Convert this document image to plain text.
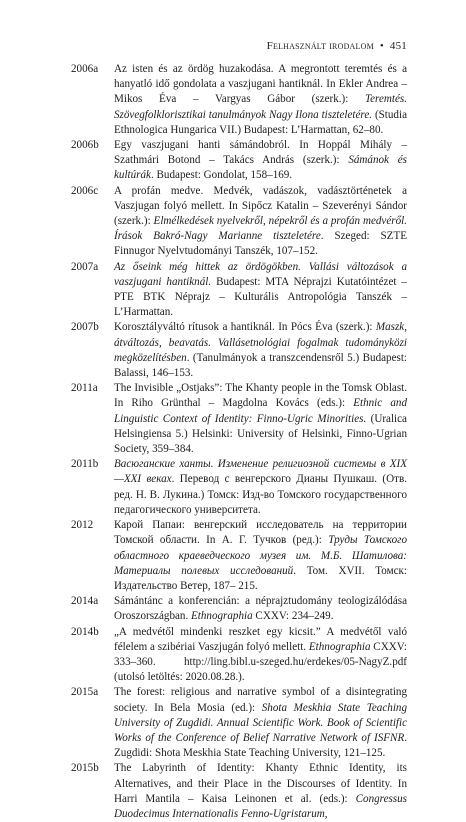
Felhasznált irodalom • 451
2006a	Az isten és az ördög huzakodása. A megrontott teremtés és a hanyatló idő gondolata a vaszjugani hantiknál. In Ekler Andrea – Mikos Éva – Vargyas Gábor (szerk.): Teremtés. Szövegfolklorisztikai tanulmányok Nagy Ilona tiszteletére. (Studia Ethnologica Hungarica VII.) Budapest: L’Harmattan, 62–80.
2006b	Egy vaszjugani hanti sámándobról. In Hoppál Mihály – Szathmári Botond – Takács András (szerk.): Sámánok és kultúrák. Budapest: Gondolat, 158–169.
2006c	A profán medve. Medvék, vadászok, vadásztörténetek a Vaszjugan folyó mellett. In Sipőcz Katalin – Szeverényi Sándor (szerk.): Elmélkedések nyelvekről, népekről és a profán medvéről. Írások Bakró-Nagy Marianne tiszteletére. Szeged: SZTE Finnugor Nyelvtudományi Tanszék, 107–152.
2007a	Az őseink még hittek az ördögökben. Vallási változások a vaszjugani hantiknál. Budapest: MTA Néprajzi Kutatóintézet – PTE BTK Néprajz – Kulturális Antropológia Tanszék – L’Harmattan.
2007b	Korosztályváltó rítusok a hantiknál. In Pócs Éva (szerk.): Maszk, átváltozás, beavatás. Vallásetnológiai fogalmak tudományközi megközelítésben. (Tanulmányok a transzcendensről 5.) Budapest: Balassi, 146–153.
2011a	The Invisible „Ostjaks”: The Khanty people in the Tomsk Oblast. In Riho Grünthal – Magdolna Kovács (eds.): Ethnic and Linguistic Context of Identity: Finno-Ugric Minorities. (Uralica Helsingiensa 5.) Helsinki: University of Helsinki, Finno-Ugrian Society, 359–384.
2011b	Васюганские ханты. Изменение религиозной системы в XIX—XXI веках. Перевод с венгерского Дианы Пушкаш. (Отв. ред. Н. В. Лукина.) Томск: Изд-во Томского государственного педагогического университета.
2012	Карой Папаи: венгерский исследователь на территории Томской области. In А. Г. Тучков (ред.): Труды Томского областного краеведческого музея им. М.Б. Шатилова: Материалы полевых исследований. Том. XVII. Томск: Издательство Ветер, 187– 215.
2014a	Sámántánc a konferencián: a néprajztudomány teologizálódása Oroszországban. Ethnographia CXXV: 234–249.
2014b	„A medvétől mindenki reszket egy kicsit.” A medvétől való félelem a szibériai Vaszjugán folyó mellett. Ethnographia CXXV: 333–360. http://ling.bibl.u-szeged.hu/erdekes/05-NagyZ.pdf (utolsó letöltés: 2020.08.28.).
2015a	The forest: religious and narrative symbol of a disintegrating society. In Bela Mosia (ed.): Shota Meskhia State Teaching University of Zugdidi. Annual Scientific Work. Book of Scientific Works of the Conference of Belief Narrative Network of ISFNR. Zugdidi: Shota Meskhia State Teaching University, 121–125.
2015b	The Labyrinth of Identity: Khanty Ethnic Identity, its Alternatives, and their Place in the Discourses of Identity. In Harri Mantila – Kaisa Leinonen et al. (eds.): Congressus Duodecimus Internationalis Fenno-Ugristarum,
